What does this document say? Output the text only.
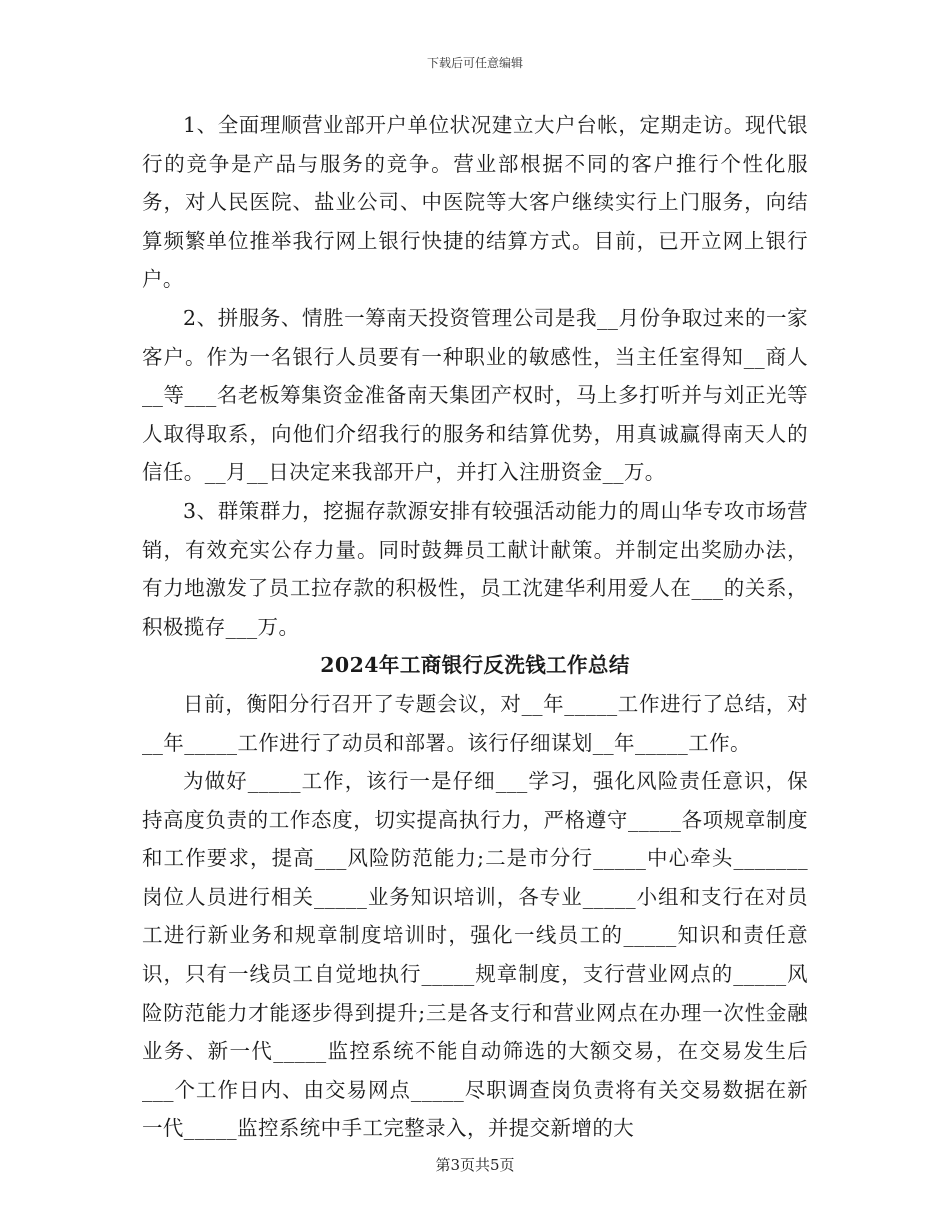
下载后可任意编辑

1、全面理顺营业部开户单位状况建立大户台帐，定期走访。现代银行的竞争是产品与服务的竞争。营业部根据不同的客户推行个性化服务，对人民医院、盐业公司、中医院等大客户继续实行上门服务，向结算频繁单位推举我行网上银行快捷的结算方式。目前，已开立网上银行户。

2、拼服务、情胜一筹南天投资管理公司是我__月份争取过来的一家客户。作为一名银行人员要有一种职业的敏感性，当主任室得知__商人__等___名老板筹集资金准备南天集团产权时，马上多打听并与刘正光等人取得取系，向他们介绍我行的服务和结算优势，用真诚赢得南天人的信任。__月__日决定来我部开户，并打入注册资金__万。

3、群策群力，挖掘存款源安排有较强活动能力的周山华专攻市场营销，有效充实公存力量。同时鼓舞员工献计献策。并制定出奖励办法，有力地激发了员工拉存款的积极性，员工沈建华利用爱人在___的关系，积极揽存___万。

2024年工商银行反洗钱工作总结

日前，衡阳分行召开了专题会议，对__年_____工作进行了总结，对__年_____工作进行了动员和部署。该行仔细谋划__年_____工作。

为做好_____工作，该行一是仔细___学习，强化风险责任意识，保持高度负责的工作态度，切实提高执行力，严格遵守_____各项规章制度和工作要求，提高___风险防范能力;二是市分行_____中心牵头_______岗位人员进行相关_____业务知识培训，各专业_____小组和支行在对员工进行新业务和规章制度培训时，强化一线员工的_____知识和责任意识，只有一线员工自觉地执行_____规章制度，支行营业网点的_____风险防范能力才能逐步得到提升;三是各支行和营业网点在办理一次性金融业务、新一代_____监控系统不能自动筛选的大额交易，在交易发生后___个工作日内、由交易网点_____尽职调查岗负责将有关交易数据在新一代_____监控系统中手工完整录入，并提交新增的大

第3页共5页
